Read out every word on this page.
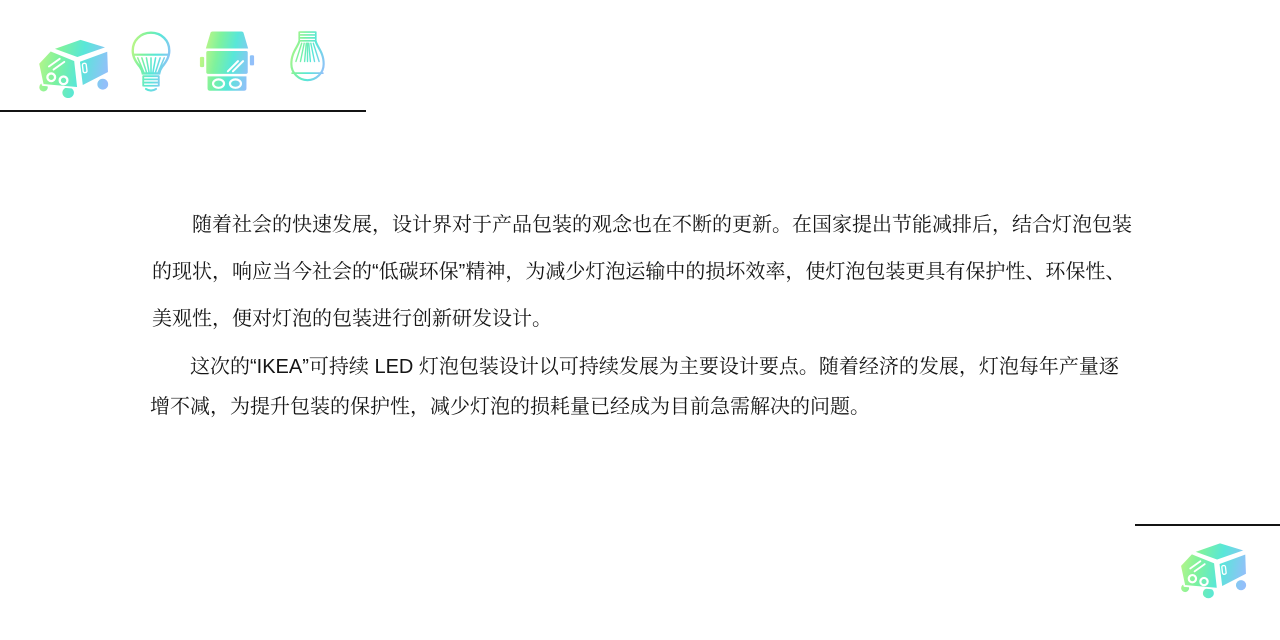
随着社会的快速发展，设计界对于产品包装的观念也在不断的更新。在国家提出节能减排后，结合灯泡包装
的现状，响应当今社会的“低碳环保”精神，为减少灯泡运输中的损坏效率，使灯泡包装更具有保护性、环保性、
美观性，便对灯泡的包装进行创新研发设计。
这次的“IKEA”可持续 LED 灯泡包装设计以可持续发展为主要设计要点。随着经济的发展，灯泡每年产量逐
增不减，为提升包装的保护性，减少灯泡的损耗量已经成为目前急需解决的问题。
